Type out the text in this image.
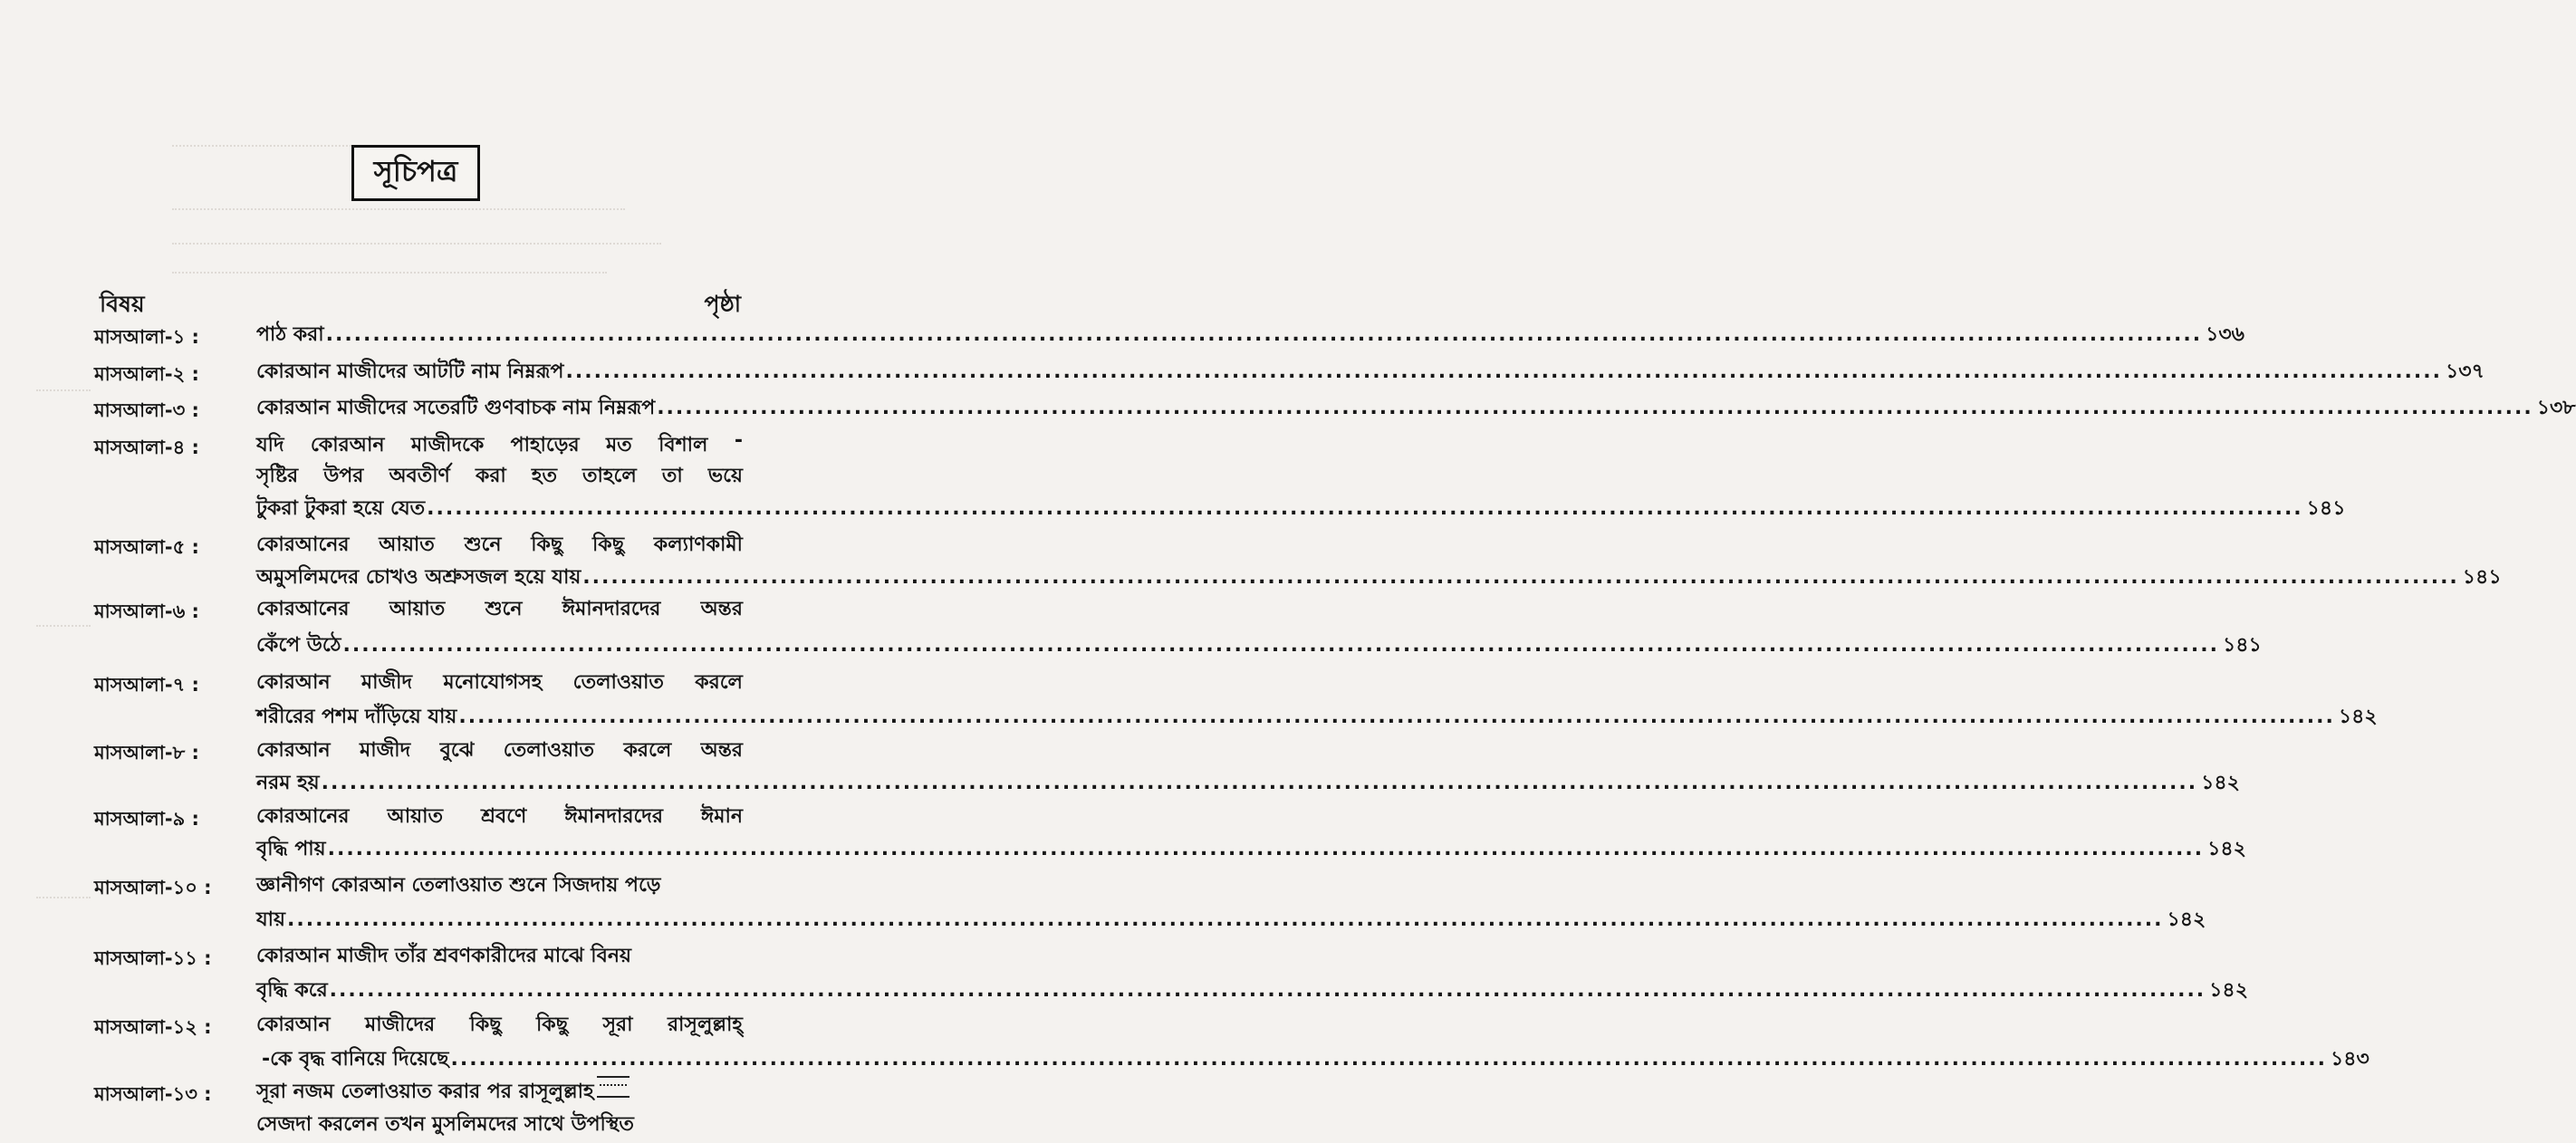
সূচিপত্র
বিষয়	পৃষ্ঠা
মাসআলা-১ :	পাঠ করা ........................................................................................................................................................................................................ ১৩৬
মাসআলা-২ :	কোরআন মাজীদের আটটি নাম নিম্নরূপ ........................................................................................................................................................................................................ ১৩৭
মাসআলা-৩ :	কোরআন মাজীদের সতেরটি গুণবাচক নাম নিম্নরূপ ........................................................................................................................................................................................................ ১৩৮
মাসআলা-৪ :	যদি কোরআন মাজীদকে পাহাড়ের মত বিশাল -
সৃষ্টির উপর অবতীর্ণ করা হত তাহলে তা ভয়ে
টুকরা টুকরা হয়ে যেত ........................................................................................................................................................................................................ ১৪১
মাসআলা-৫ :	কোরআনের আয়াত শুনে কিছু কিছু কল্যাণকামী
অমুসলিমদের চোখও অশ্রুসজল হয়ে যায় ........................................................................................................................................................................................................ ১৪১
মাসআলা-৬ :	কোরআনের আয়াত শুনে ঈমানদারদের অন্তর
কেঁপে উঠে ........................................................................................................................................................................................................ ১৪১
মাসআলা-৭ :	কোরআন মাজীদ মনোযোগসহ তেলাওয়াত করলে
শরীরের পশম দাঁড়িয়ে যায় ........................................................................................................................................................................................................ ১৪২
মাসআলা-৮ :	কোরআন মাজীদ বুঝে তেলাওয়াত করলে অন্তর
নরম হয় ........................................................................................................................................................................................................ ১৪২
মাসআলা-৯ :	কোরআনের আয়াত শ্রবণে ঈমানদারদের ঈমান
বৃদ্ধি পায় ........................................................................................................................................................................................................ ১৪২
মাসআলা-১০ : জ্ঞানীগণ কোরআন তেলাওয়াত শুনে সিজদায় পড়ে
যায় ........................................................................................................................................................................................................ ১৪২
মাসআলা-১১ : কোরআন মাজীদ তাঁর শ্রবণকারীদের মাঝে বিনয়
বৃদ্ধি করে ........................................................................................................................................................................................................ ১৪২
মাসআলা-১২ : কোরআন মাজীদের কিছু কিছু সূরা রাসূলুল্লাহ্
-কে বৃদ্ধ বানিয়ে দিয়েছে ........................................................................................................................................................................................................ ১৪৩
মাসআলা-১৩ : সূরা নজম তেলাওয়াত করার পর রাসূলুল্লাহ
সেজদা করলেন তখন মুসলিমদের সাথে উপস্থিত
